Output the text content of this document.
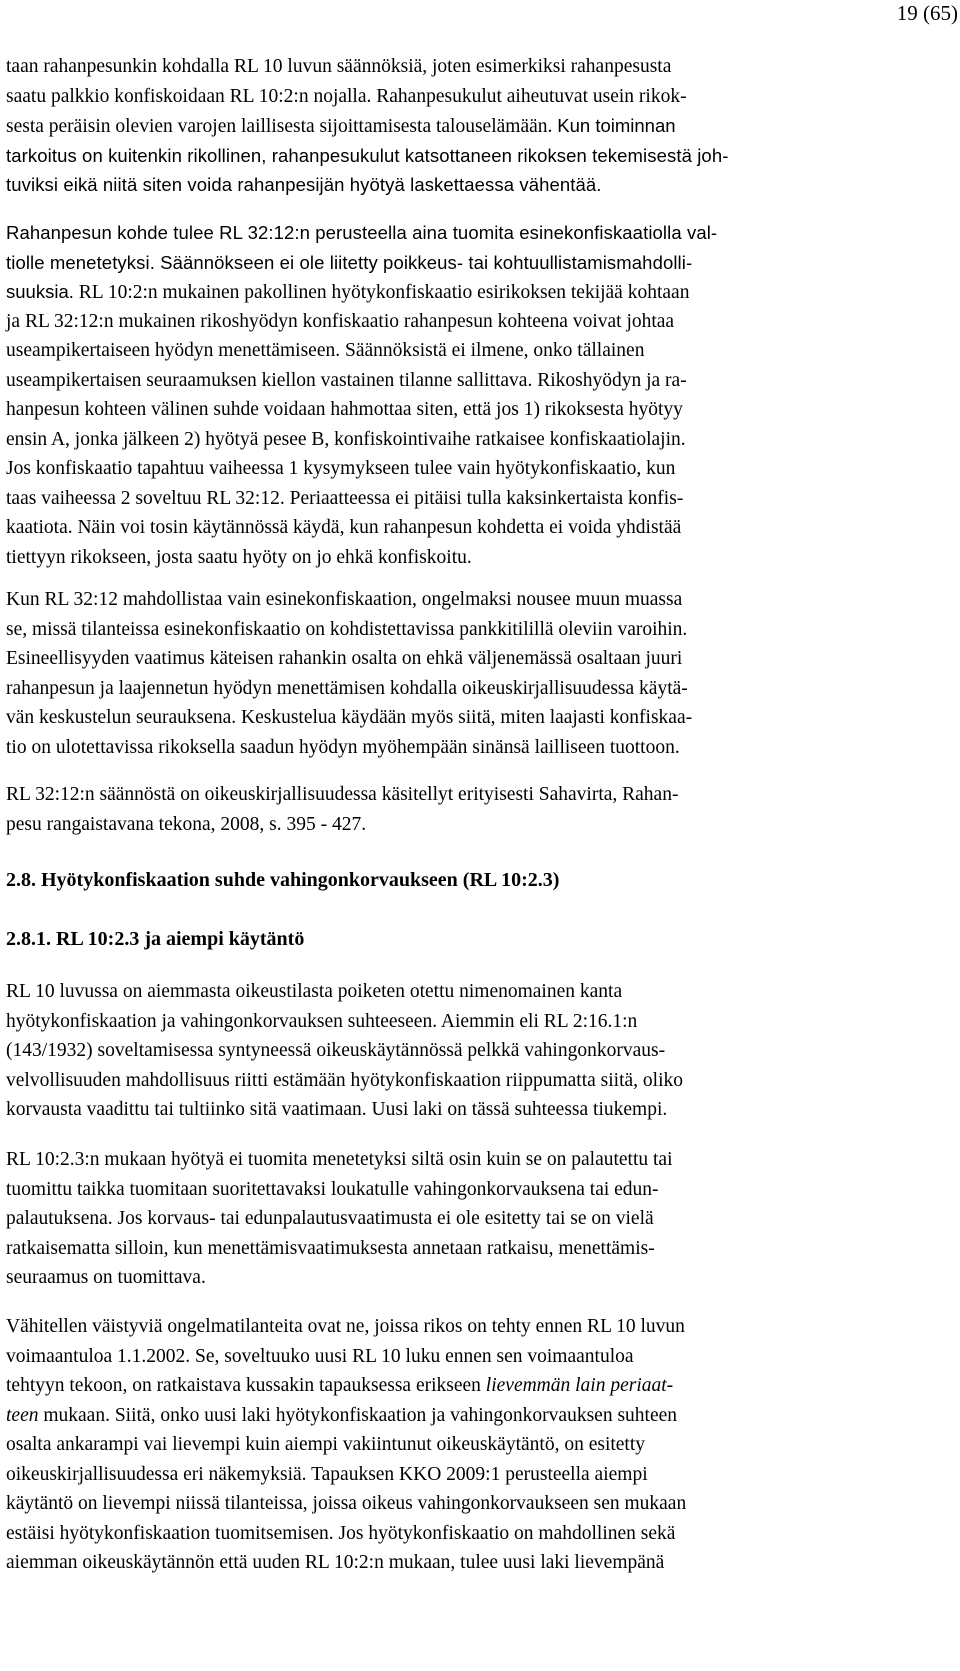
19 (65)
taan rahanpesunkin kohdalla RL 10 luvun säännöksiä, joten esimerkiksi rahanpesusta
saatu palkkio konfiskoidaan RL 10:2:n nojalla. Rahanpesukulut aiheutuvat usein rikok-
sesta peräisin olevien varojen laillisesta sijoittamisesta talouselämään. Kun toiminnan
tarkoitus on kuitenkin rikollinen, rahanpesukulut katsottaneen rikoksen tekemisestä joh-
tuviksi eikä niitä siten voida rahanpesijän hyötyä laskettaessa vähentää.
Rahanpesun kohde tulee RL 32:12:n perusteella aina tuomita esinekonfiskaatiolla val-
tiolle menetetyksi. Säännökseen ei ole liitetty poikkeus- tai kohtuullistamismahdolli-
suuksia. RL 10:2:n mukainen pakollinen hyötykonfiskaatio esirikoksen tekijää kohtaan
ja RL 32:12:n mukainen rikoshyödyn konfiskaatio rahanpesun kohteena voivat johtaa
useampikertaiseen hyödyn menettämiseen. Säännöksistä ei ilmene, onko tällainen
useampikertaisen seuraamuksen kiellon vastainen tilanne sallittava. Rikoshyödyn ja ra-
hanpesun kohteen välinen suhde voidaan hahmottaa siten, että jos 1) rikoksesta hyötyy
ensin A, jonka jälkeen 2) hyötyä pesee B, konfiskointivaihe ratkaisee konfiskaatiolajin.
Jos konfiskaatio tapahtuu vaiheessa 1 kysymykseen tulee vain hyötykonfiskaatio, kun
taas vaiheessa 2 soveltuu RL 32:12. Periaatteessa ei pitäisi tulla kaksinkertaista konfis-
kaatiota. Näin voi tosin käytännössä käydä, kun rahanpesun kohdetta ei voida yhdistää
tiettyyn rikokseen, josta saatu hyöty on jo ehkä konfiskoitu.
Kun RL 32:12 mahdollistaa vain esinekonfiskaation, ongelmaksi nousee muun muassa
se, missä tilanteissa esinekonfiskaatio on kohdistettavissa pankkitilillä oleviin varoihin.
Esineellisyyden vaatimus käteisen rahankin osalta on ehkä väljenemässä osaltaan juuri
rahanpesun ja laajennetun hyödyn menettämisen kohdalla oikeuskirjallisuudessa käytä-
vän keskustelun seurauksena. Keskustelua käydään myös siitä, miten laajasti konfiskaa-
tio on ulotettavissa rikoksella saadun hyödyn myöhempään sinänsä lailliseen tuottoon.
RL 32:12:n säännöstä on oikeuskirjallisuudessa käsitellyt erityisesti Sahavirta, Rahan-
pesu rangaistavana tekona, 2008, s. 395 - 427.
2.8. Hyötykonfiskaation suhde vahingonkorvaukseen (RL 10:2.3)
2.8.1. RL 10:2.3 ja aiempi käytäntö
RL 10 luvussa on aiemmasta oikeustilasta poiketen otettu nimenomainen kanta
hyötykonfiskaation ja vahingonkorvauksen suhteeseen. Aiemmin eli RL 2:16.1:n
(143/1932) soveltamisessa syntyneessä oikeuskäytännössä pelkkä vahingonkorvaus-
velvollisuuden mahdollisuus riitti estämään hyötykonfiskaation riippumatta siitä, oliko
korvausta vaadittu tai tultiinko sitä vaatimaan. Uusi laki on tässä suhteessa tiukempi.
RL 10:2.3:n mukaan hyötyä ei tuomita menetetyksi siltä osin kuin se on palautettu tai
tuomittu taikka tuomitaan suoritettavaksi loukatulle vahingonkorvauksena tai edun-
palautuksena. Jos korvaus- tai edunpalautusvaatimusta ei ole esitetty tai se on vielä
ratkaisematta silloin, kun menettämisvaatimuksesta annetaan ratkaisu, menettämis-
seuraamus on tuomittava.
Vähitellen väistyviä ongelmatilanteita ovat ne, joissa rikos on tehty ennen RL 10 luvun
voimaantuloa 1.1.2002. Se, soveltuuko uusi RL 10 luku ennen sen voimaantuloa
tehtyyn tekoon, on ratkaistava kussakin tapauksessa erikseen lievemmän lain periaat-
teen mukaan. Siitä, onko uusi laki hyötykonfiskaation ja vahingonkorvauksen suhteen
osalta ankarampi vai lievempi kuin aiempi vakiintunut oikeuskäytäntö, on esitetty
oikeuskirjallisuudessa eri näkemyksiä. Tapauksen KKO 2009:1 perusteella aiempi
käytäntö on lievempi niissä tilanteissa, joissa oikeus vahingonkorvaukseen sen mukaan
estäisi hyötykonfiskaation tuomitsemisen. Jos hyötykonfiskaatio on mahdollinen sekä
aiemman oikeuskäytännön että uuden RL 10:2:n mukaan, tulee uusi laki lievempänä
